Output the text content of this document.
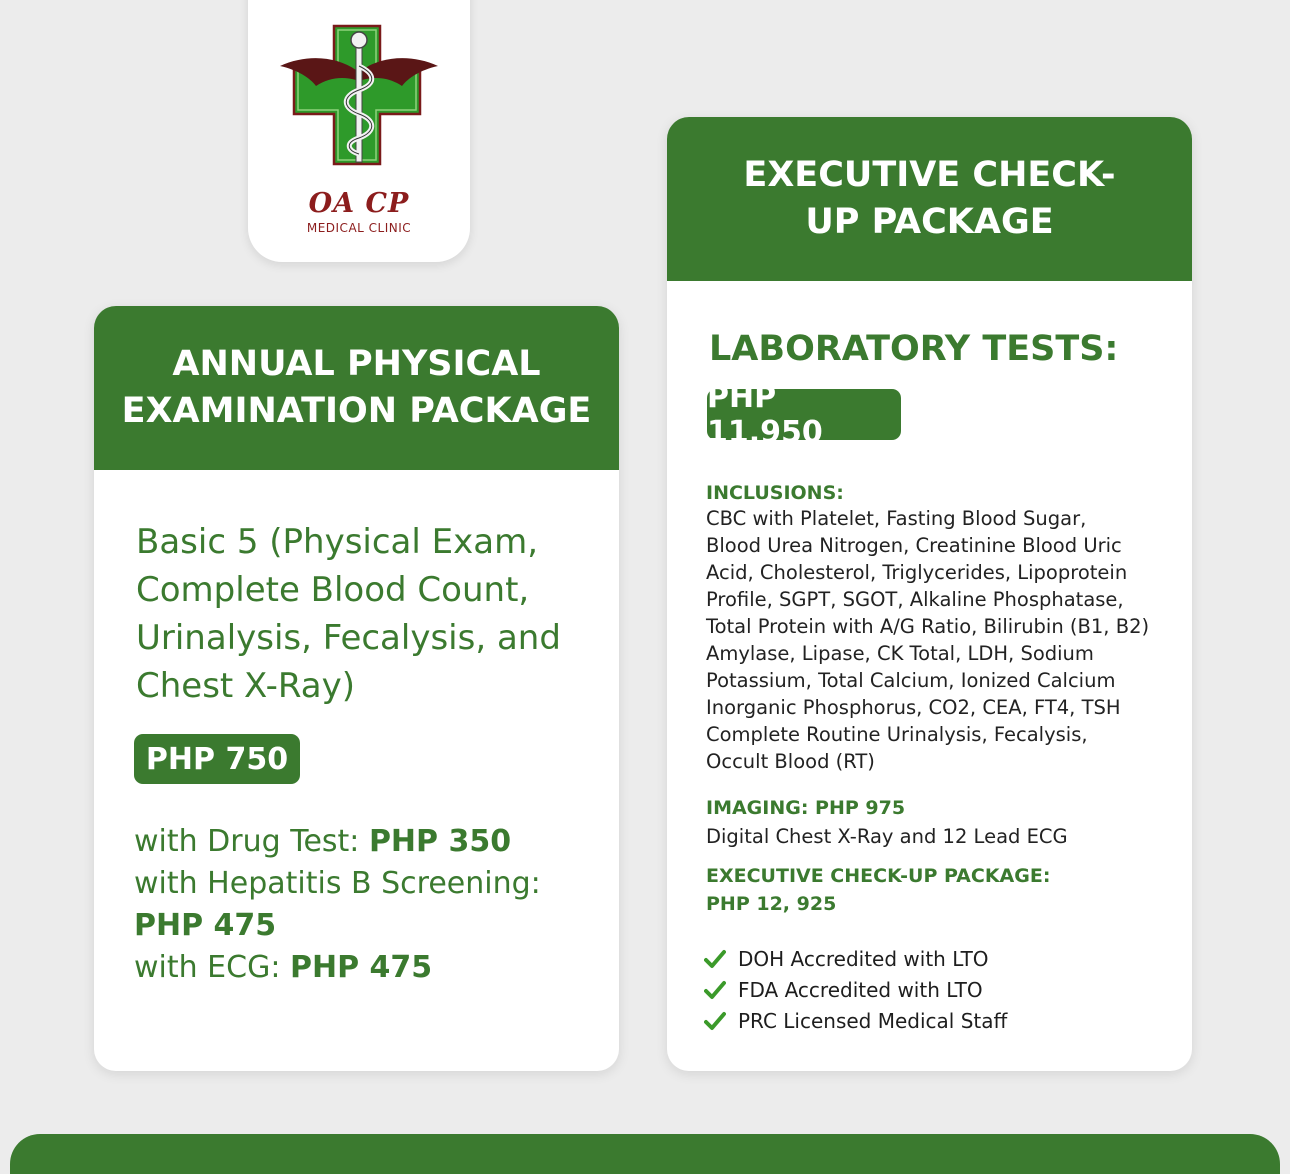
OA CP
MEDICAL CLINIC
ANNUAL PHYSICAL EXAMINATION PACKAGE
Basic 5 (Physical Exam, Complete Blood Count, Urinalysis, Fecalysis, and Chest X-Ray)
PHP 750
with Drug Test: PHP 350
with Hepatitis B Screening: PHP 475
with ECG: PHP 475
EXECUTIVE CHECK-UP PACKAGE
LABORATORY TESTS:
PHP 11,950
INCLUSIONS:
CBC with Platelet, Fasting Blood Sugar,
Blood Urea Nitrogen, Creatinine Blood Uric
Acid, Cholesterol, Triglycerides, Lipoprotein
Profile, SGPT, SGOT, Alkaline Phosphatase,
Total Protein with A/G Ratio, Bilirubin (B1, B2)
Amylase, Lipase, CK Total, LDH, Sodium
Potassium, Total Calcium, Ionized Calcium
Inorganic Phosphorus, CO2, CEA, FT4, TSH
Complete Routine Urinalysis, Fecalysis,
Occult Blood (RT)
IMAGING: PHP 975
Digital Chest X-Ray and 12 Lead ECG
EXECUTIVE CHECK-UP PACKAGE:
PHP 12, 925
DOH Accredited with LTO
FDA Accredited with LTO
PRC Licensed Medical Staff
